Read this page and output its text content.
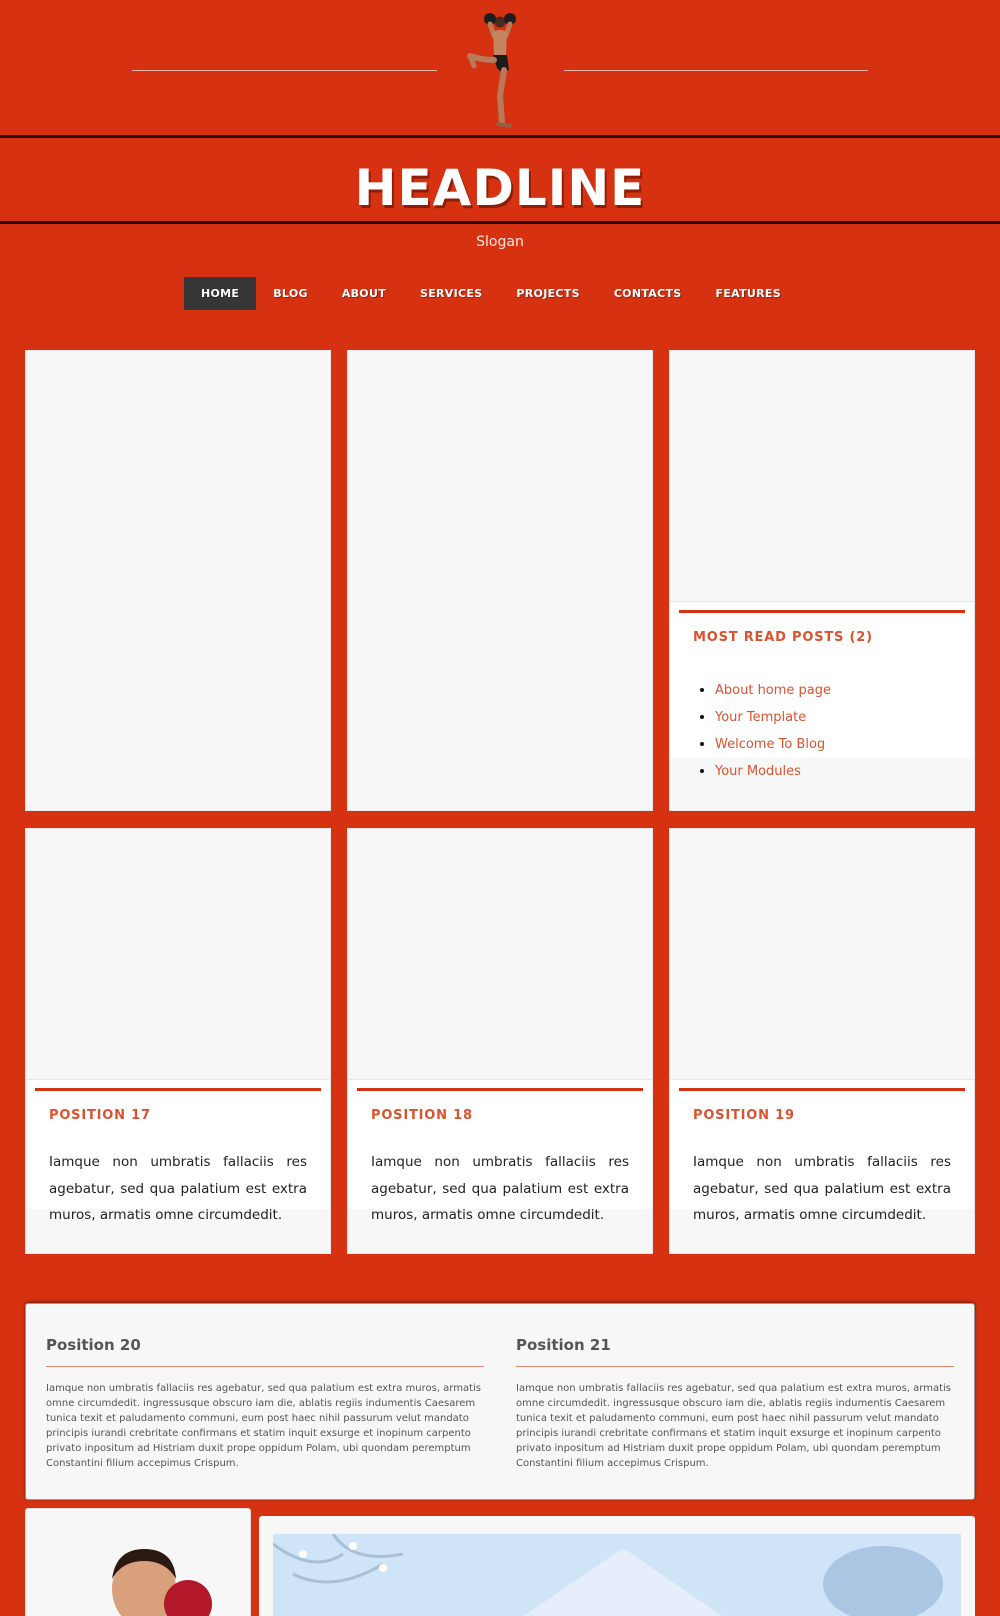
HEADLINE
Slogan
HOME	BLOG	ABOUT	SERVICES	PROJECTS	CONTACTS	FEATURES
MOST READ POSTS (2)
• About home page
• Your Template
• Welcome To Blog
• Your Modules
POSITION 17
Iamque non umbratis fallaciis res agebatur, sed qua palatium est extra muros, armatis omne circumdedit.
POSITION 18
Iamque non umbratis fallaciis res agebatur, sed qua palatium est extra muros, armatis omne circumdedit.
POSITION 19
Iamque non umbratis fallaciis res agebatur, sed qua palatium est extra muros, armatis omne circumdedit.
Position 20

Iamque non umbratis fallaciis res agebatur, sed qua palatium est extra muros, armatis omne circumdedit. ingressusque obscuro iam die, ablatis regiis indumentis Caesarem tunica texit et paludamento communi, eum post haec nihil passurum velut mandato principis iurandi crebritate confirmans et statim inquit exsurge et inopinum carpento privato inpositum ad Histriam duxit prope oppidum Polam, ubi quondam peremptum Constantini filium accepimus Crispum.

Position 21

Iamque non umbratis fallaciis res agebatur, sed qua palatium est extra muros, armatis omne circumdedit. ingressusque obscuro iam die, ablatis regiis indumentis Caesarem tunica texit et paludamento communi, eum post haec nihil passurum velut mandato principis iurandi crebritate confirmans et statim inquit exsurge et inopinum carpento privato inpositum ad Histriam duxit prope oppidum Polam, ubi quondam peremptum Constantini filium accepimus Crispum.
